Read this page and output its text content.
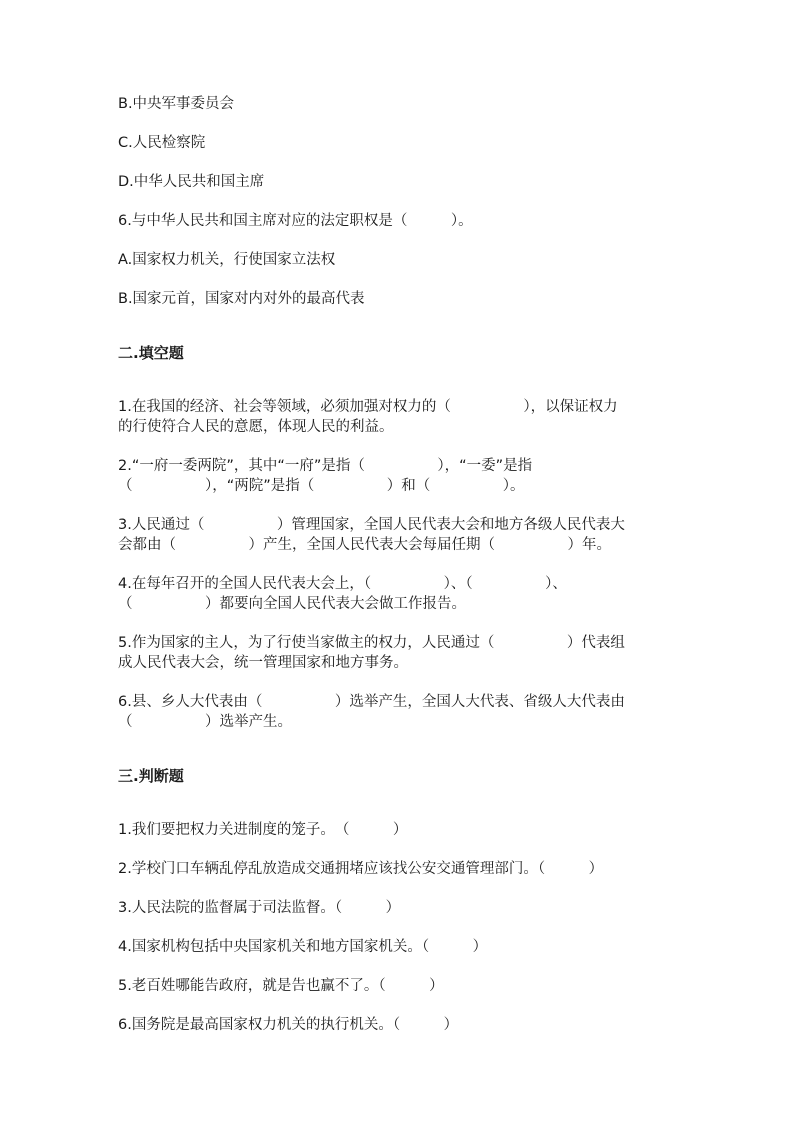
B.中央军事委员会

C.人民检察院

D.中华人民共和国主席

6.与中华人民共和国主席对应的法定职权是（　　　）。

A.国家权力机关，行使国家立法权

B.国家元首，国家对内对外的最高代表

二.填空题

1.在我国的经济、社会等领域，必须加强对权力的（　　　　　），以保证权力

的行使符合人民的意愿，体现人民的利益。

2.“一府一委两院”，其中“一府”是指（　　　　　），“一委”是指

（　　　　　），“两院”是指（　　　　　）和（　　　　　）。

3.人民通过（　　　　　）管理国家，全国人民代表大会和地方各级人民代表大

会都由（　　　　　）产生，全国人民代表大会每届任期（　　　　　）年。

4.在每年召开的全国人民代表大会上，（　　　　　）、（　　　　　）、

（　　　　　）都要向全国人民代表大会做工作报告。

5.作为国家的主人，为了行使当家做主的权力，人民通过（　　　　　）代表组

成人民代表大会，统一管理国家和地方事务。

6.县、乡人大代表由（　　　　　）选举产生，全国人大代表、省级人大代表由

（　　　　　）选举产生。

三.判断题

1.我们要把权力关进制度的笼子。　（　　　）

2.学校门口车辆乱停乱放造成交通拥堵应该找公安交通管理部门。（　　　）

3.人民法院的监督属于司法监督。（　　　）

4.国家机构包括中央国家机关和地方国家机关。（　　　）

5.老百姓哪能告政府，就是告也赢不了。（　　　）

6.国务院是最高国家权力机关的执行机关。（　　　）
